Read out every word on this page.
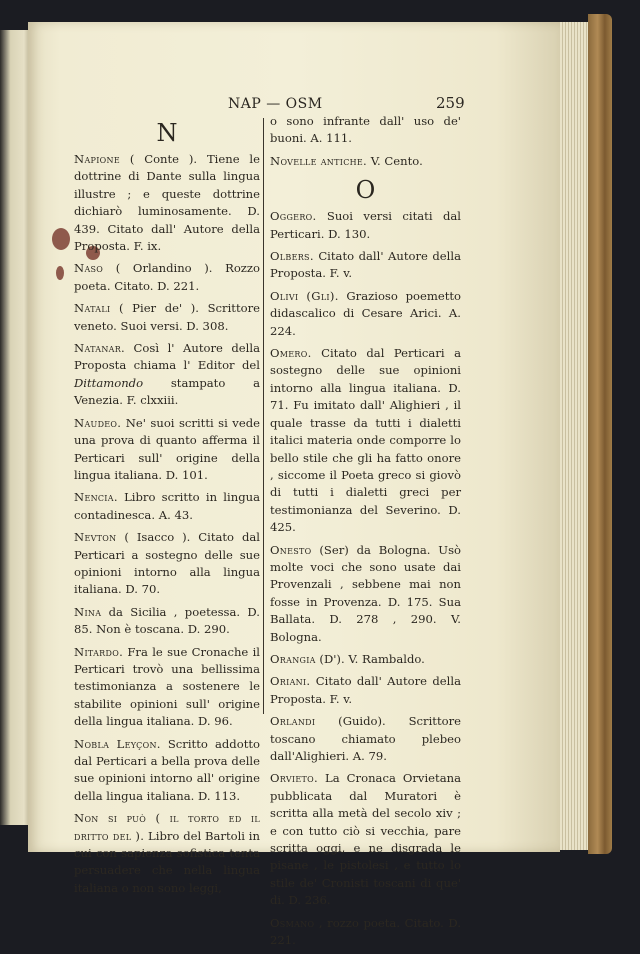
NAP — OSM	259
N
Napione ( Conte ). Tiene le dottrine di Dante sulla lingua illustre ; e queste dottrine dichiarò luminosamente. D. 439. Citato dall' Autore della Proposta. F. ix.
Naso ( Orlandino ). Rozzo poeta. Citato. D. 221.
Natali ( Pier de' ). Scrittore veneto. Suoi versi. D. 308.
Natanar. Così l' Autore della Proposta chiama l' Editor del Dittamondo stampato a Venezia. F. clxxiii.
Naudeo. Ne' suoi scritti si vede una prova di quanto afferma il Perticari sull' origine della lingua italiana. D. 101.
Nencia. Libro scritto in lingua contadinesca. A. 43.
Nevton ( Isacco ). Citato dal Perticari a sostegno delle sue opinioni intorno alla lingua italiana. D. 70.
Nina da Sicilia , poetessa. D. 85. Non è toscana. D. 290.
Nitardo. Fra le sue Cronache il Perticari trovò una bellissima testimonianza a sostenere le stabilite opinioni sull' origine della lingua italiana. D. 96.
Nobla Leyçon. Scritto addotto dal Perticari a bella prova delle sue opinioni intorno all' origine della lingua italiana. D. 113.
Non si può ( il torto ed il dritto del ). Libro del Bartoli in cui con sapienza sofistica tenta persuadere che nella lingua italiana o non sono leggi,
o sono infrante dall' uso de' buoni. A. 111.
Novelle antiche. V. Cento.
O
Oggero. Suoi versi citati dal Perticari. D. 130.
Olbers. Citato dall' Autore della Proposta. F. v.
Olivi (Gli). Grazioso poemetto didascalico di Cesare Arici. A. 224.
Omero. Citato dal Perticari a sostegno delle sue opinioni intorno alla lingua italiana. D. 71. Fu imitato dall' Alighieri , il quale trasse da tutti i dialetti italici materia onde comporre lo bello stile che gli ha fatto onore , siccome il Poeta greco si giovò di tutti i dialetti greci per testimonianza del Severino. D. 425.
Onesto (Ser) da Bologna. Usò molte voci che sono usate dai Provenzali , sebbene mai non fosse in Provenza. D. 175. Sua Ballata. D. 278 , 290. V. Bologna.
Orangia (D'). V. Rambaldo.
Oriani. Citato dall' Autore della Proposta. F. v.
Orlandi (Guido). Scrittore toscano chiamato plebeo dall'Alighieri. A. 79.
Orvieto. La Cronaca Orvietana pubblicata dal Muratori è scritta alla metà del secolo xiv ; e con tutto ciò si vecchia, pare scritta oggi, e ne disgrada le pisane , le pistolesi , e tutto lo stile de' Cronisti toscani di que' di. D. 236.
Osmano , rozzo poeta. Citato. D. 221.
